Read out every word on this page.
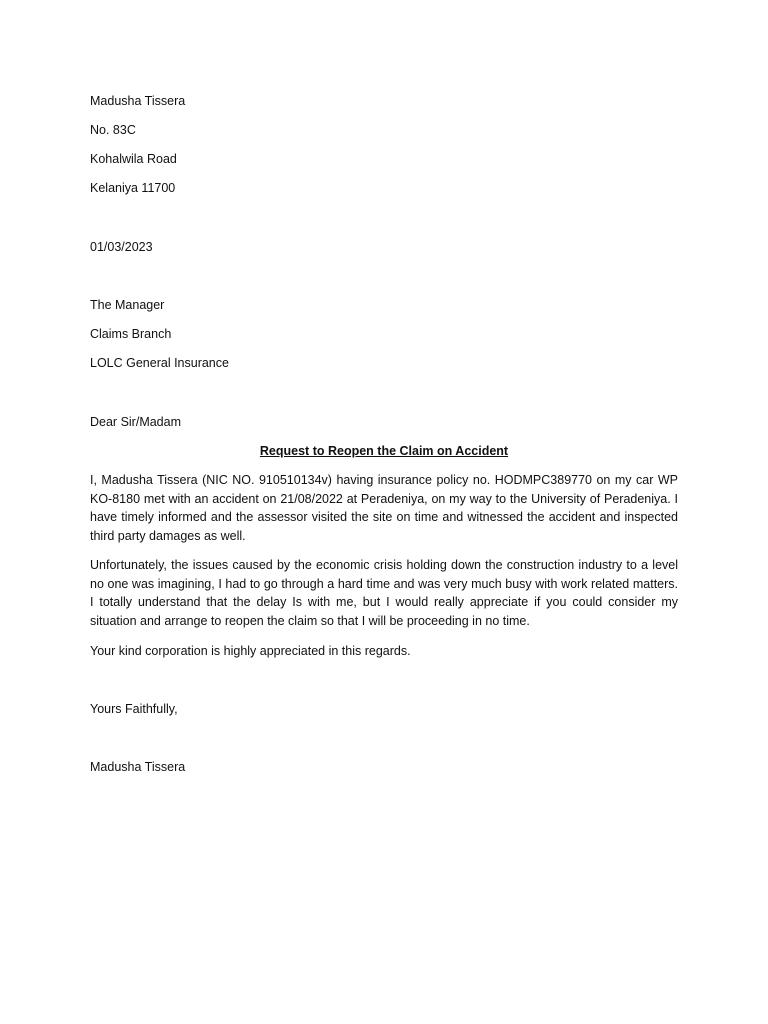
Madusha Tissera
No. 83C
Kohalwila Road
Kelaniya 11700
01/03/2023
The Manager
Claims Branch
LOLC General Insurance
Dear Sir/Madam
Request to Reopen the Claim on Accident
I, Madusha Tissera (NIC NO. 910510134v) having insurance policy no. HODMPC389770 on my car WP KO-8180 met with an accident on 21/08/2022 at Peradeniya, on my way to the University of Peradeniya. I have timely informed and the assessor visited the site on time and witnessed the accident and inspected third party damages as well.
Unfortunately, the issues caused by the economic crisis holding down the construction industry to a level no one was imagining, I had to go through a hard time and was very much busy with work related matters. I totally understand that the delay Is with me, but I would really appreciate if you could consider my situation and arrange to reopen the claim so that I will be proceeding in no time.
Your kind corporation is highly appreciated in this regards.
Yours Faithfully,
Madusha Tissera
